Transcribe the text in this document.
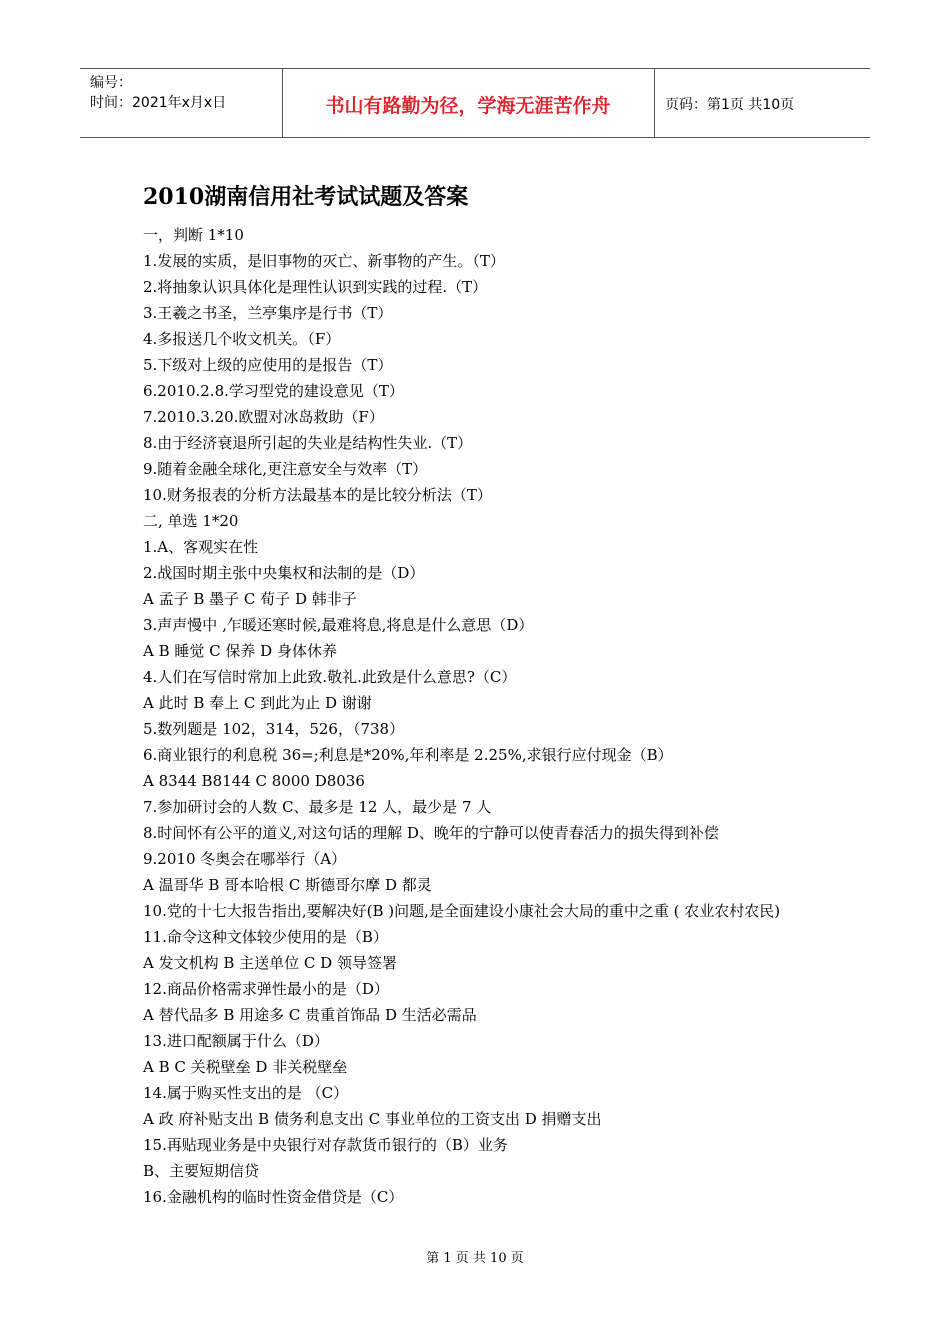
编号：
时间：2021年x月x日	书山有路勤为径，学海无涯苦作舟	页码：第1页 共10页
2010湖南信用社考试试题及答案
一，判断 1*10
1.发展的实质，是旧事物的灭亡、新事物的产生。（T）
2.将抽象认识具体化是理性认识到实践的过程.（T）
3.王羲之书圣，兰亭集序是行书（T）
4.多报送几个收文机关。（F）
5.下级对上级的应使用的是报告（T）
6.2010.2.8.学习型党的建设意见（T）
7.2010.3.20.欧盟对冰岛救助（F）
8.由于经济衰退所引起的失业是结构性失业.（T）
9.随着金融全球化,更注意安全与效率（T）
10.财务报表的分析方法最基本的是比较分析法（T）
二, 单选 1*20
1.A、客观实在性
2.战国时期主张中央集权和法制的是（D）
A 孟子 B 墨子 C 荀子 D 韩非子
3.声声慢中 ,乍暖还寒时候,最难将息,将息是什么意思（D）
A B 睡觉 C 保养 D 身体休养
4.人们在写信时常加上此致.敬礼.此致是什么意思?（C）
A 此时 B 奉上 C 到此为止 D 谢谢
5.数列题是 102，314，526，（738）
6.商业银行的利息税 36=;利息是*20%,年利率是 2.25%,求银行应付现金（B）
A 8344 B8144 C 8000 D8036
7.参加研讨会的人数 C、最多是 12 人，最少是 7 人
8.时间怀有公平的道义,对这句话的理解 D、晚年的宁静可以使青春活力的损失得到补偿
9.2010 冬奥会在哪举行（A）
A 温哥华 B 哥本哈根 C 斯德哥尔摩 D 都灵
10.党的十七大报告指出,要解决好(B )问题,是全面建设小康社会大局的重中之重 ( 农业农村农民)
11.命令这种文体较少使用的是（B）
A 发文机构 B 主送单位 C D 领导签署
12.商品价格需求弹性最小的是（D）
A 替代品多 B 用途多 C 贵重首饰品 D 生活必需品
13.进口配额属于什么（D）
A B C 关税壁垒 D 非关税壁垒
14.属于购买性支出的是 （C）
A 政 府补贴支出 B 债务利息支出 C 事业单位的工资支出 D 捐赠支出
15.再贴现业务是中央银行对存款货币银行的（B）业务
B、主要短期信贷
16.金融机构的临时性资金借贷是（C）
第 1 页 共 10 页
